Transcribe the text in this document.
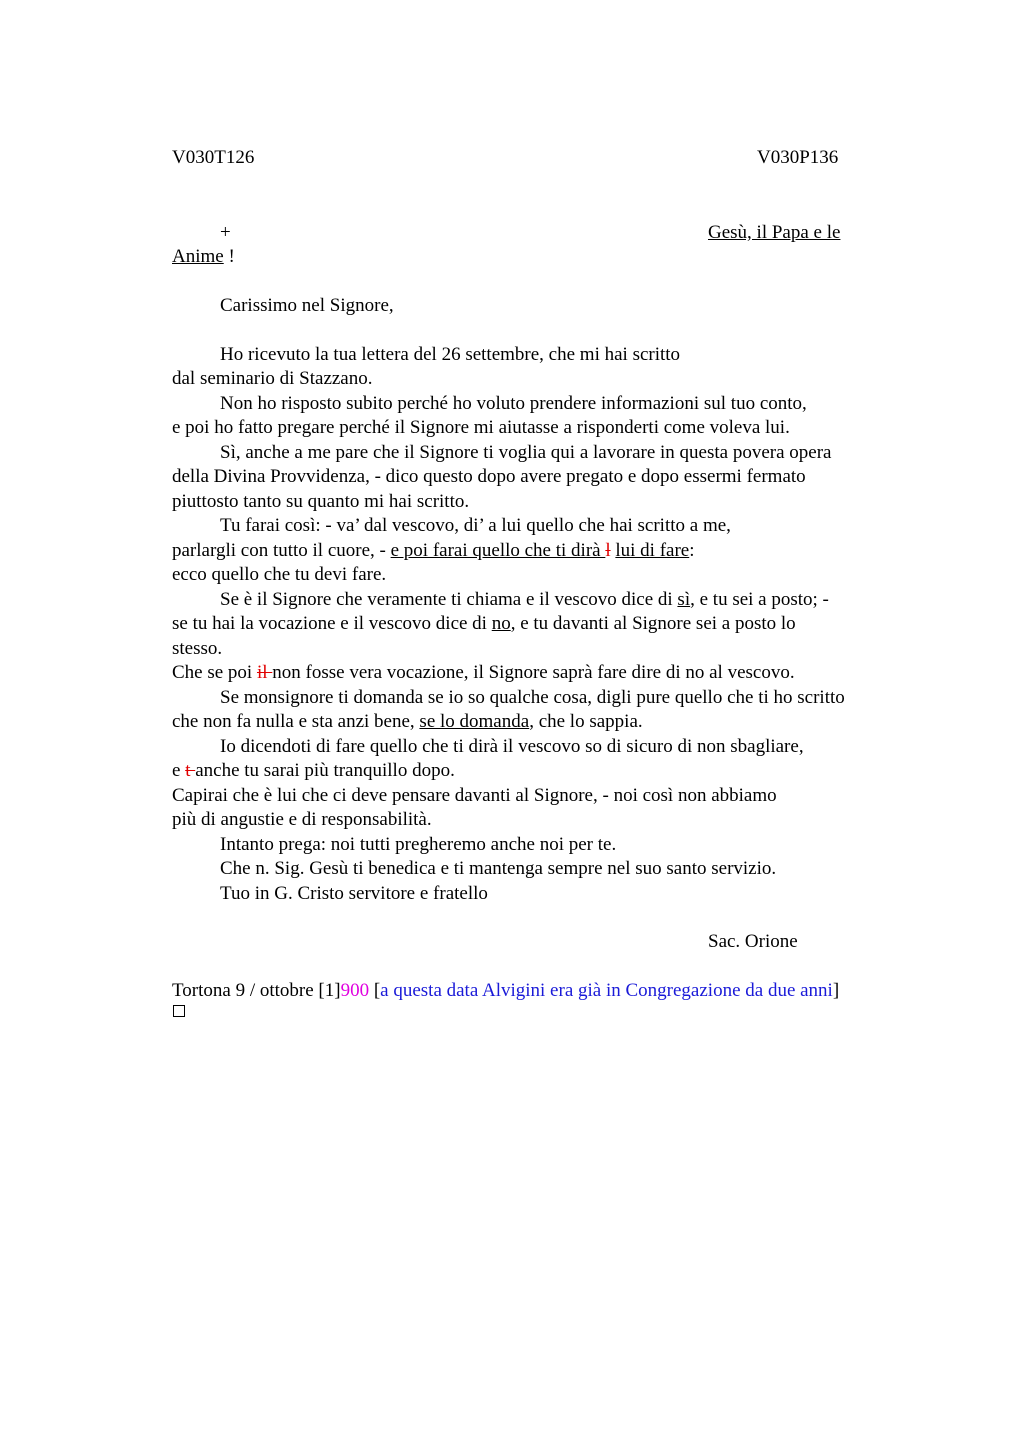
V030T126	V030P136
+	Gesù, il Papa e le
Anime !
Carissimo nel Signore,
Ho ricevuto la tua lettera del 26 settembre, che mi hai scritto
dal seminario di Stazzano.
Non ho risposto subito perché ho voluto prendere informazioni sul tuo conto,
e poi ho fatto pregare perché il Signore mi aiutasse a risponderti come voleva lui.
Sì, anche a me pare che il Signore ti voglia qui a lavorare in questa povera opera
della Divina Provvidenza, - dico questo dopo avere pregato e dopo essermi fermato
piuttosto tanto su quanto mi hai scritto.
Tu farai così: - va’ dal vescovo, di’ a lui quello che hai scritto a me,
parlargli con tutto il cuore, - e poi farai quello che ti dirà l lui di fare:
ecco quello che tu devi fare.
Se è il Signore che veramente ti chiama e il vescovo dice di sì, e tu sei a posto; -
se tu hai la vocazione e il vescovo dice di no, e tu davanti al Signore sei a posto lo
stesso.
Che se poi il non fosse vera vocazione, il Signore saprà fare dire di no al vescovo.
Se monsignore ti domanda se io so qualche cosa, digli pure quello che ti ho scritto
che non fa nulla e sta anzi bene, se lo domanda, che lo sappia.
Io dicendoti di fare quello che ti dirà il vescovo so di sicuro di non sbagliare,
e t anche tu sarai più tranquillo dopo.
Capirai che è lui che ci deve pensare davanti al Signore, - noi così non abbiamo
più di angustie e di responsabilità.
Intanto prega: noi tutti pregheremo anche noi per te.
Che n. Sig. Gesù ti benedica e ti mantenga sempre nel suo santo servizio.
Tuo in G. Cristo servitore e fratello
Sac. Orione
Tortona 9 / ottobre [1]900 [a questa data Alvigini era già in Congregazione da due anni]
